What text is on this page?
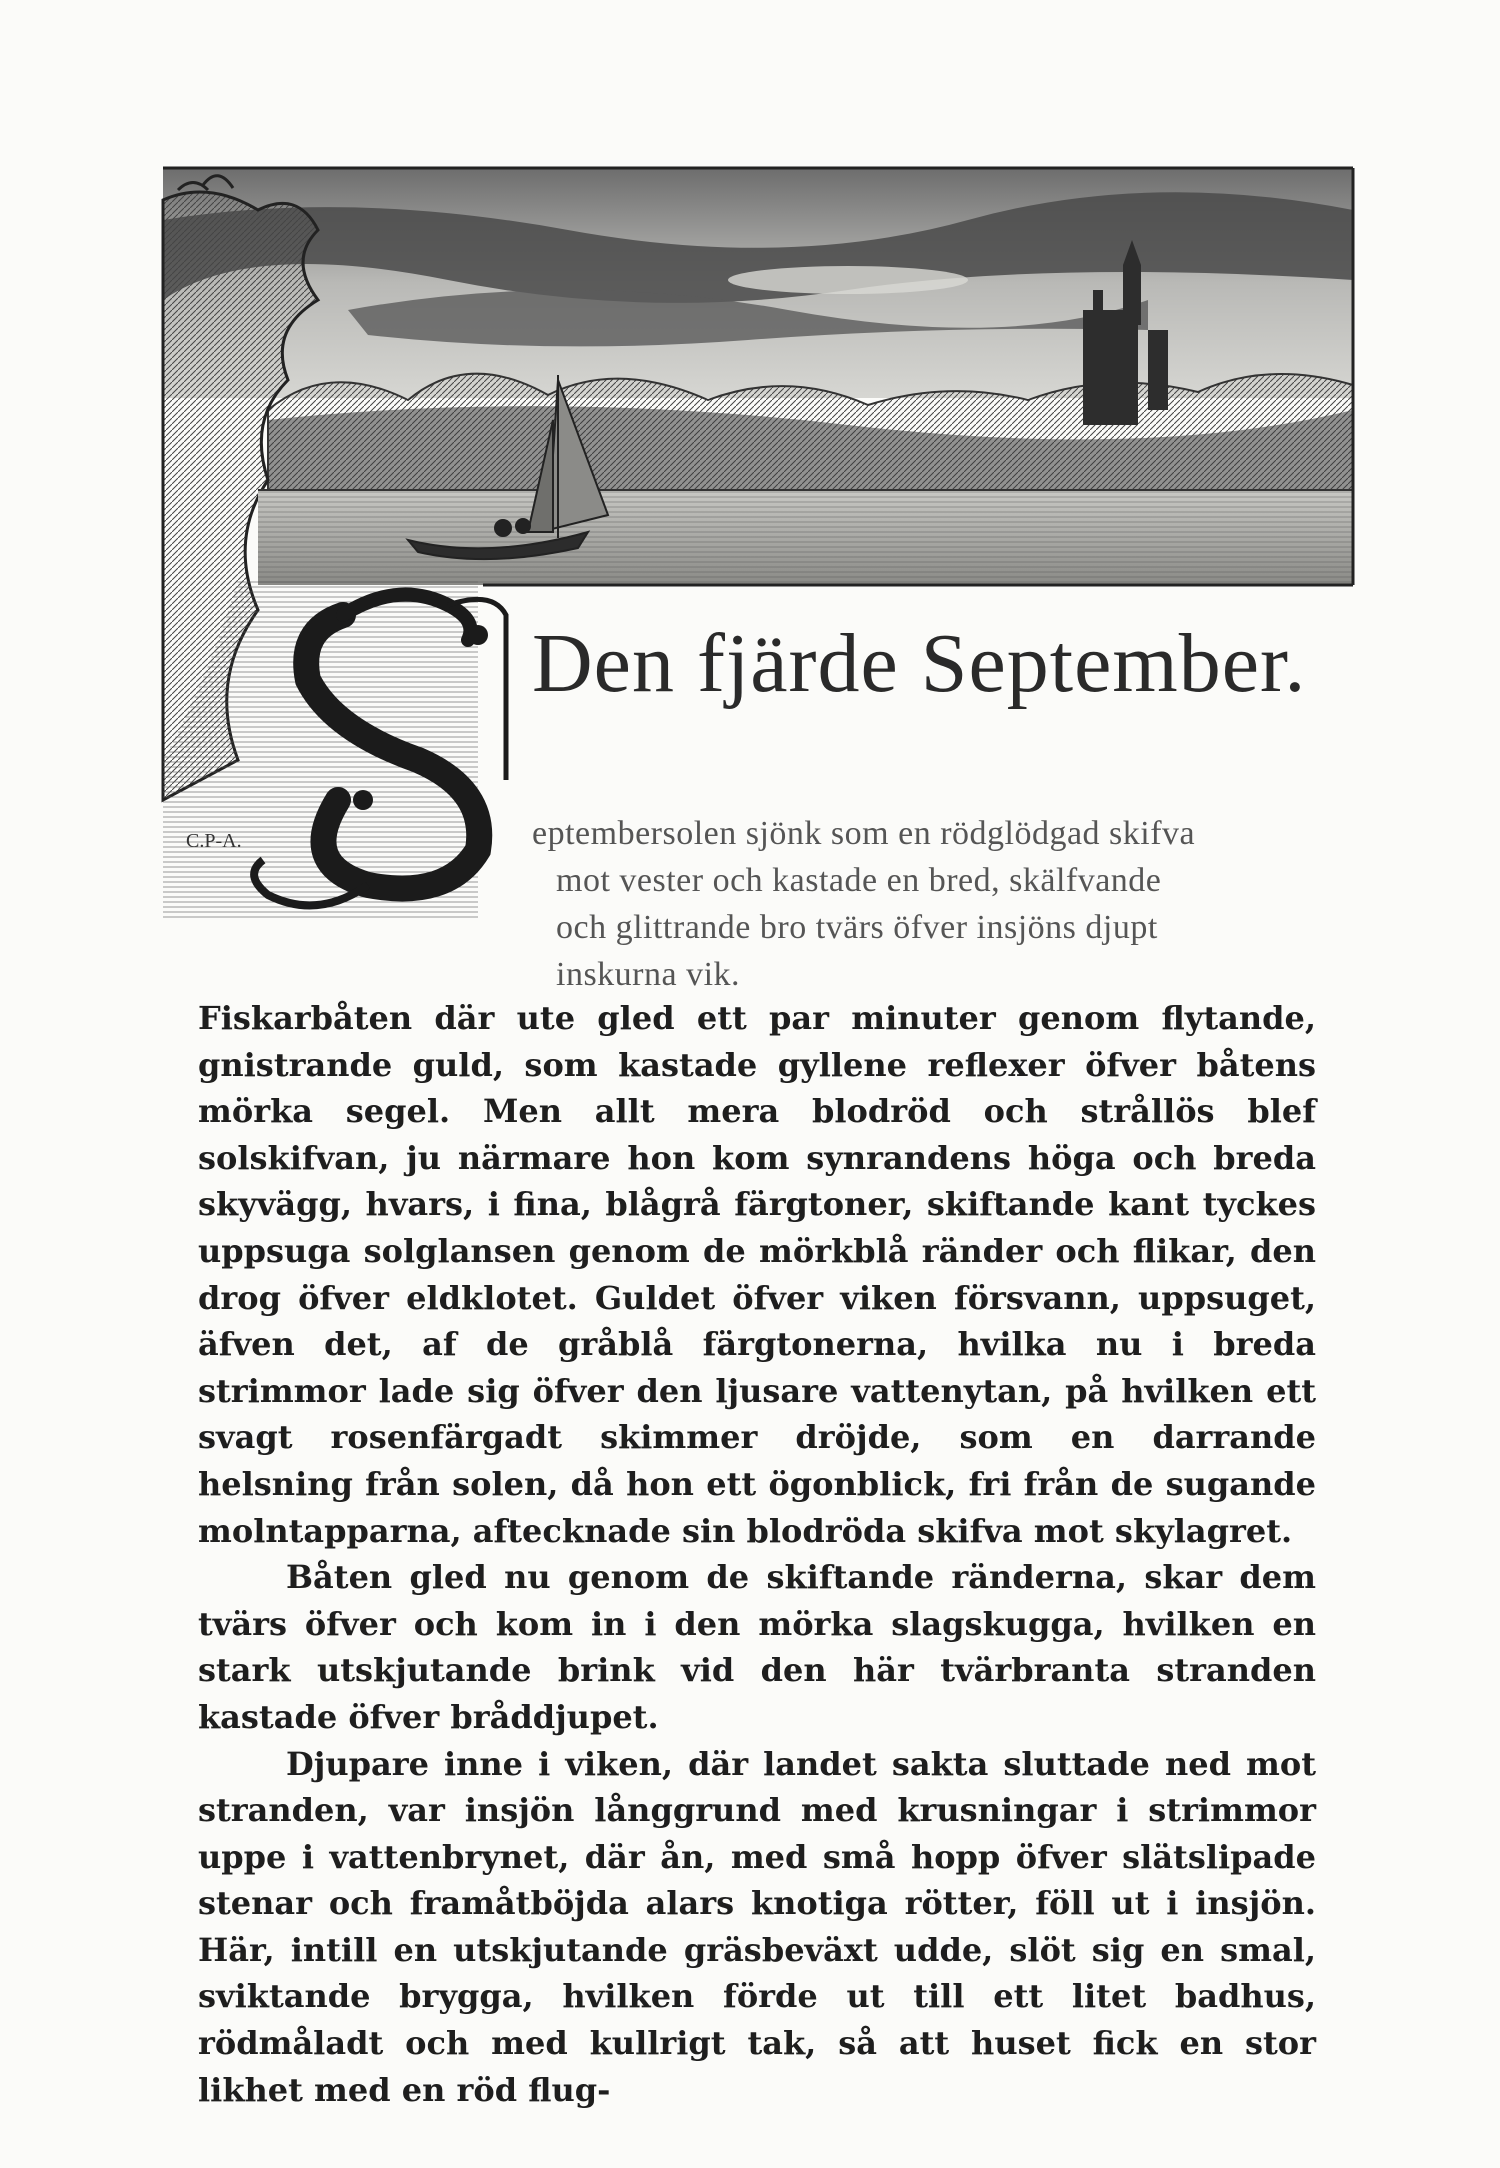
C.P-A.
Den fjärde September.
eptembersolen sjönk som en rödglödgad skifva
mot vester och kastade en bred, skälfvande
och glittrande bro tvärs öfver insjöns djupt
inskurna vik.

Fiskarbåten där ute gled ett par minuter genom flytande, gnistrande guld, som kastade gyllene reflexer öfver båtens mörka segel. Men allt mera blodröd och strållös blef solskifvan, ju närmare hon kom synrandens höga och breda skyvägg, hvars, i fina, blågrå färgtoner, skiftande kant tyckes uppsuga solglansen genom de mörkblå ränder och flikar, den drog öfver eldklotet. Guldet öfver viken försvann, uppsuget, äfven det, af de gråblå färgtonerna, hvilka nu i breda strimmor lade sig öfver den ljusare vattenytan, på hvilken ett svagt rosenfärgadt skimmer dröjde, som en darrande helsning från solen, då hon ett ögonblick, fri från de sugande molntapparna, aftecknade sin blodröda skifva mot skylagret.

Båten gled nu genom de skiftande ränderna, skar dem tvärs öfver och kom in i den mörka slagskugga, hvilken en stark utskjutande brink vid den här tvärbranta stranden kastade öfver bråddjupet.

Djupare inne i viken, där landet sakta sluttade ned mot stranden, var insjön långgrund med krusningar i strimmor uppe i vattenbrynet, där ån, med små hopp öfver slätslipade stenar och framåtböjda alars knotiga rötter, föll ut i insjön. Här, intill en utskjutande gräsbeväxt udde, slöt sig en smal, sviktande brygga, hvilken förde ut till ett litet badhus, rödmåladt och med kullrigt tak, så att huset fick en stor likhet med en röd flug-
